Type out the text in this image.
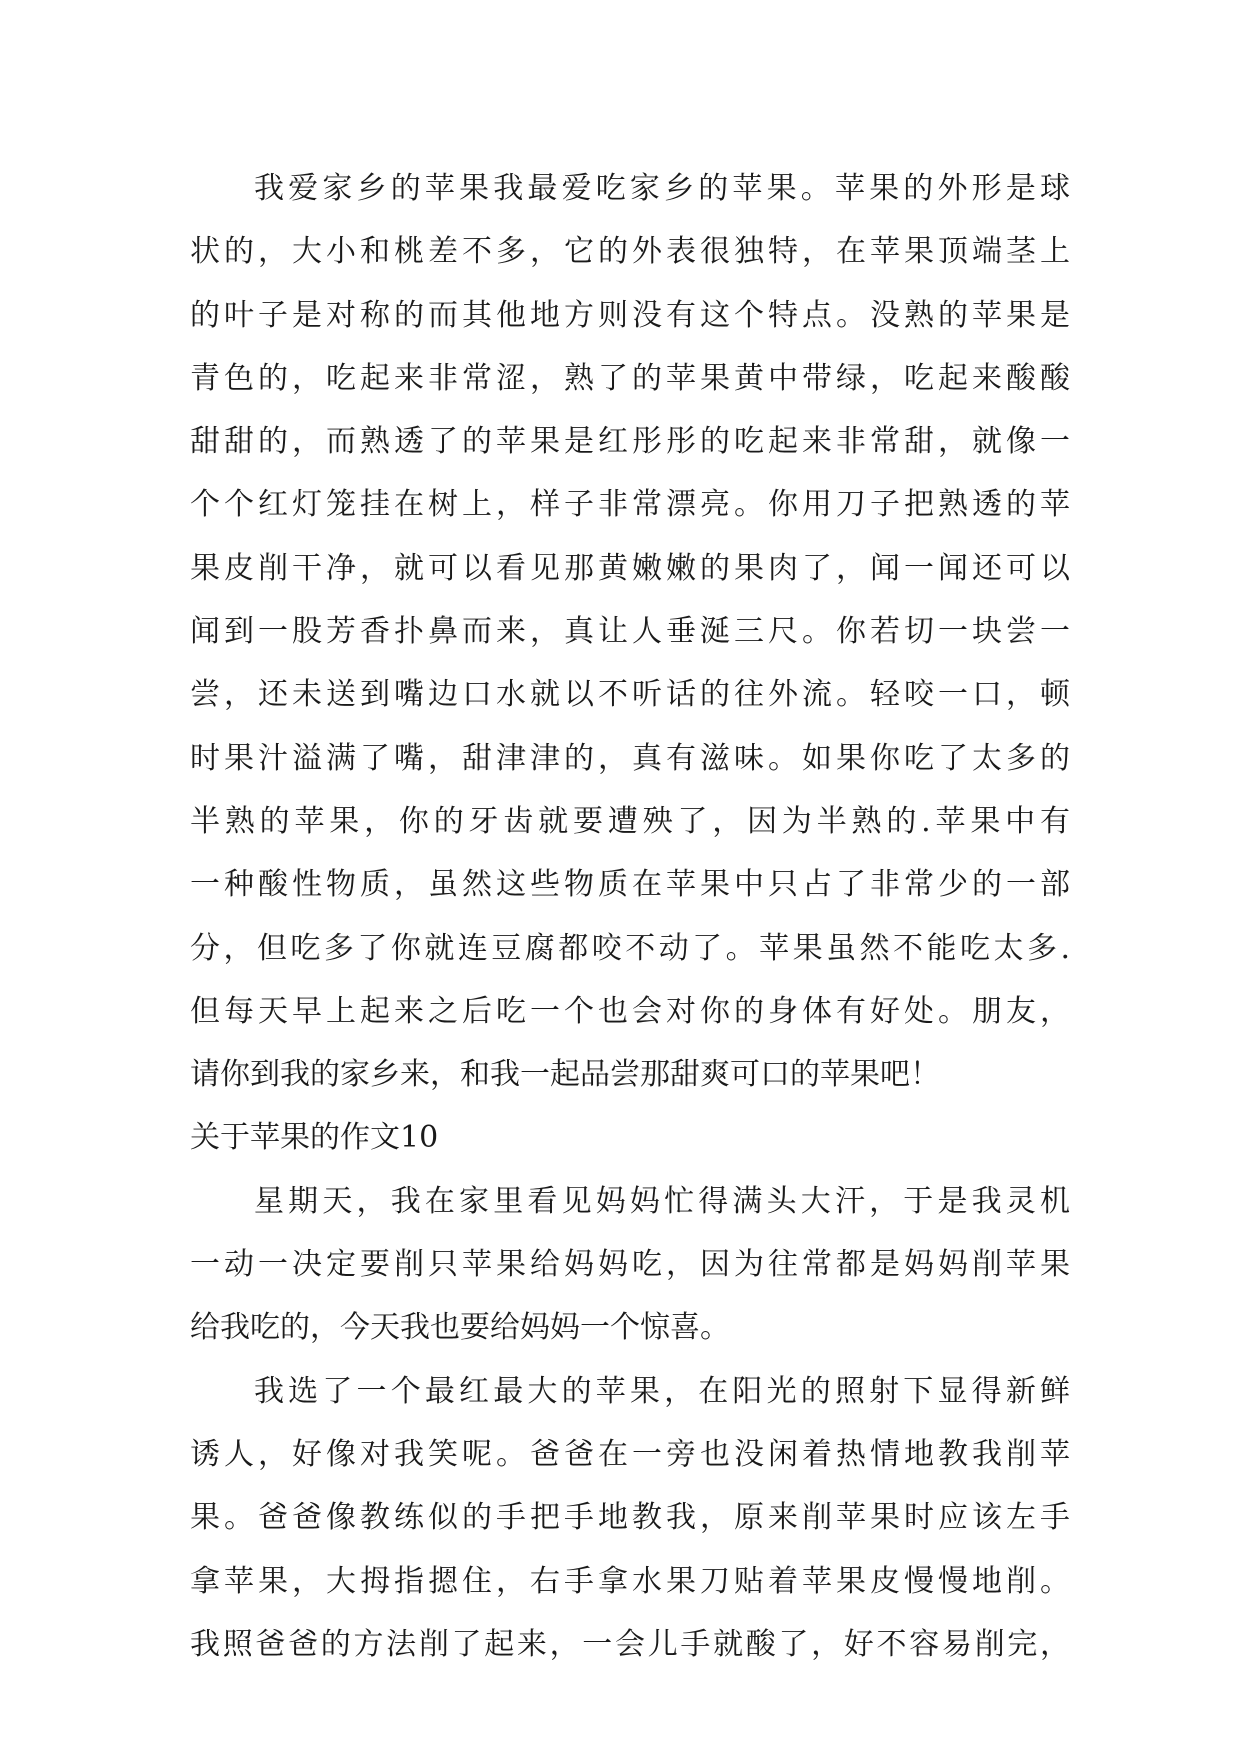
我爱家乡的苹果我最爱吃家乡的苹果。苹果的外形是球
状的，大小和桃差不多，它的外表很独特，在苹果顶端茎上
的叶子是对称的而其他地方则没有这个特点。没熟的苹果是
青色的，吃起来非常涩，熟了的苹果黄中带绿，吃起来酸酸
甜甜的，而熟透了的苹果是红彤彤的吃起来非常甜，就像一
个个红灯笼挂在树上，样子非常漂亮。你用刀子把熟透的苹
果皮削干净，就可以看见那黄嫩嫩的果肉了，闻一闻还可以
闻到一股芳香扑鼻而来，真让人垂涎三尺。你若切一块尝一
尝，还未送到嘴边口水就以不听话的往外流。轻咬一口，顿
时果汁溢满了嘴，甜津津的，真有滋味。如果你吃了太多的
半熟的苹果，你的牙齿就要遭殃了，因为半熟的.苹果中有
一种酸性物质，虽然这些物质在苹果中只占了非常少的一部
分，但吃多了你就连豆腐都咬不动了。苹果虽然不能吃太多.
但每天早上起来之后吃一个也会对你的身体有好处。朋友，
请你到我的家乡来，和我一起品尝那甜爽可口的苹果吧！
关于苹果的作文10
星期天，我在家里看见妈妈忙得满头大汗，于是我灵机
一动一决定要削只苹果给妈妈吃，因为往常都是妈妈削苹果
给我吃的，今天我也要给妈妈一个惊喜。
我选了一个最红最大的苹果，在阳光的照射下显得新鲜
诱人，好像对我笑呢。爸爸在一旁也没闲着热情地教我削苹
果。爸爸像教练似的手把手地教我，原来削苹果时应该左手
拿苹果，大拇指摁住，右手拿水果刀贴着苹果皮慢慢地削。
我照爸爸的方法削了起来，一会儿手就酸了，好不容易削完，
